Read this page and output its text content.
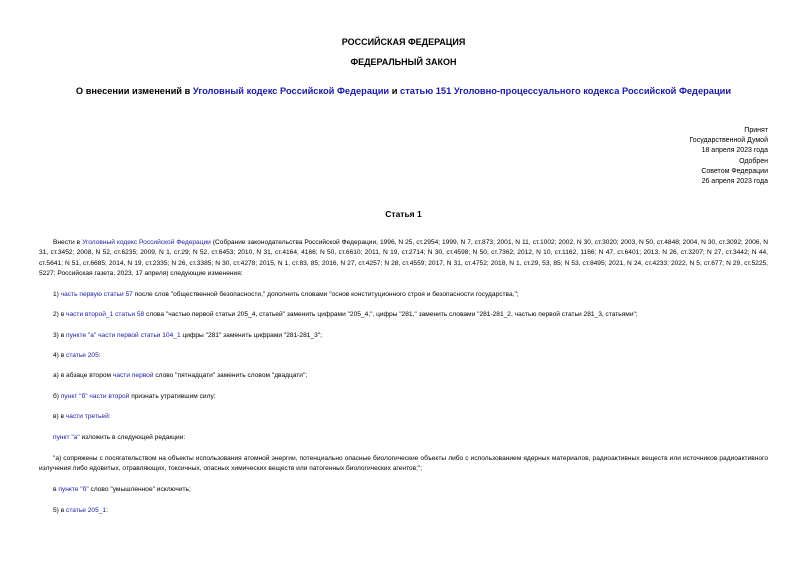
РОССИЙСКАЯ ФЕДЕРАЦИЯ
ФЕДЕРАЛЬНЫЙ ЗАКОН
О внесении изменений в Уголовный кодекс Российской Федерации и статью 151 Уголовно-процессуального кодекса Российской Федерации
Принят
Государственной Думой
18 апреля 2023 года
Одобрен
Советом Федерации
26 апреля 2023 года
Статья 1
Внести в Уголовный кодекс Российской Федерации (Собрание законодательства Российской Федерации, 1996, N 25, ст.2954; 1999, N 7, ст.873; 2001, N 11, ст.1002; 2002, N 30, ст.3020; 2003, N 50, ст.4848; 2004, N 30, ст.3092; 2006, N 31, ст.3452; 2008, N 52, ст.6235; 2009, N 1, ст.29; N 52, ст.6453; 2010, N 31, ст.4164, 4166; N 50, ст.6610; 2011, N 19, ст.2714; N 30, ст.4598; N 50, ст.7362; 2012, N 10, ст.1162, 1166; N 47, ст.6401; 2013, N 26, ст.3207; N 27, ст.3442; N 44, ст.5641; N 51, ст.6685; 2014, N 19, ст.2335; N 26, ст.3385; N 30, ст.4278; 2015, N 1, ст.83, 85; 2016, N 27, ст.4257; N 28, ст.4559; 2017, N 31, ст.4752; 2018, N 1, ст.29, 53, 85; N 53, ст.8495; 2021, N 24, ст.4233; 2022, N 5, ст.677; N 29, ст.5225, 5227; Российская газета, 2023, 17 апреля) следующие изменения:
1) часть первую статьи 57 после слов "общественной безопасности," дополнить словами "основ конституционного строя и безопасности государства,";
2) в части второй_1 статьи 58 слова "частью первой статьи 205_4, статьей" заменить цифрами "205_4,", цифры "281," заменить словами "281-281_2, частью первой статьи 281_3, статьями";
3) в пункте "а" части первой статьи 104_1 цифры "281" заменить цифрами "281-281_3";
4) в статье 205:
а) в абзаце втором части первой слово "пятнадцати" заменить словом "двадцати";
б) пункт "б" части второй признать утратившим силу;
в) в части третьей:
пункт "а" изложить в следующей редакции:
"а) сопряжены с посягательством на объекты использования атомной энергии, потенциально опасные биологические объекты либо с использованием ядерных материалов, радиоактивных веществ или источников радиоактивного излучения либо ядовитых, отравляющих, токсичных, опасных химических веществ или патогенных биологических агентов;";
в пункте "б" слово "умышленное" исключить;
5) в статье 205_1:
